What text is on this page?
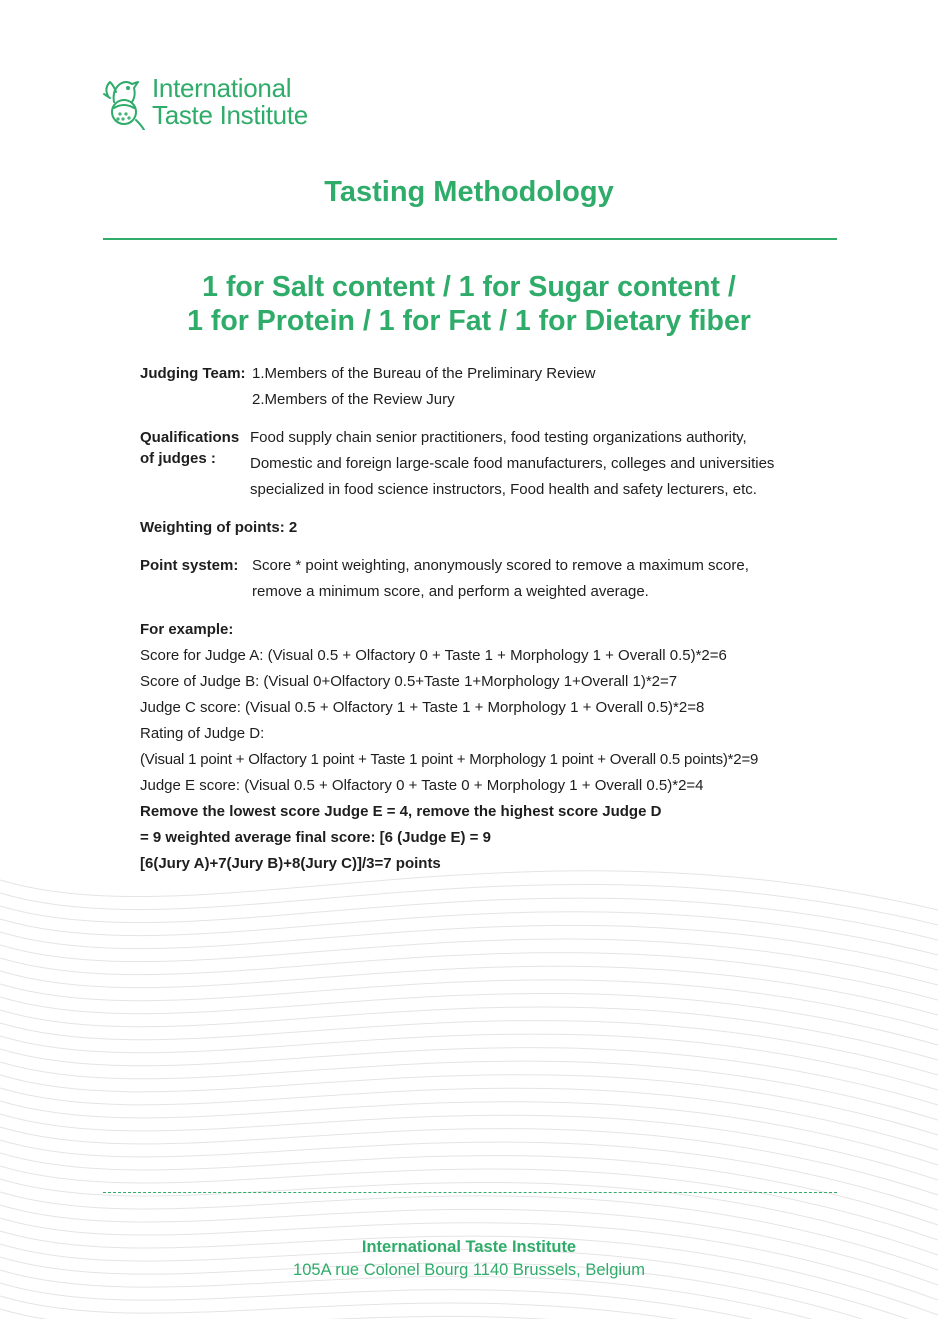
International
Taste Institute
Tasting Methodology
1 for Salt content / 1 for Sugar content /
1 for Protein / 1 for Fat / 1 for Dietary fiber
Judging Team: 1.Members of the Bureau of the Preliminary Review
2.Members of the Review Jury
Qualifications
of judges :
Food supply chain senior practitioners, food testing organizations authority,
Domestic and foreign large-scale food manufacturers, colleges and universities
specialized in food science instructors, Food health and safety lecturers, etc.
Weighting of points: 2
Point system: Score * point weighting, anonymously scored to remove a maximum score,
remove a minimum score, and perform a weighted average.
For example:
Score for Judge A: (Visual 0.5 + Olfactory 0 + Taste 1 + Morphology 1 + Overall 0.5)*2=6
Score of Judge B: (Visual 0+Olfactory 0.5+Taste 1+Morphology 1+Overall 1)*2=7
Judge C score: (Visual 0.5 + Olfactory 1 + Taste 1 + Morphology 1 + Overall 0.5)*2=8
Rating of Judge D:
(Visual 1 point + Olfactory 1 point + Taste 1 point + Morphology 1 point + Overall 0.5 points)*2=9
Judge E score: (Visual 0.5 + Olfactory 0 + Taste 0 + Morphology 1 + Overall 0.5)*2=4
Remove the lowest score Judge E = 4, remove the highest score Judge D
= 9 weighted average final score: [6 (Judge E) = 9
[6(Jury A)+7(Jury B)+8(Jury C)]/3=7 points
International Taste Institute
105A rue Colonel Bourg 1140 Brussels, Belgium
